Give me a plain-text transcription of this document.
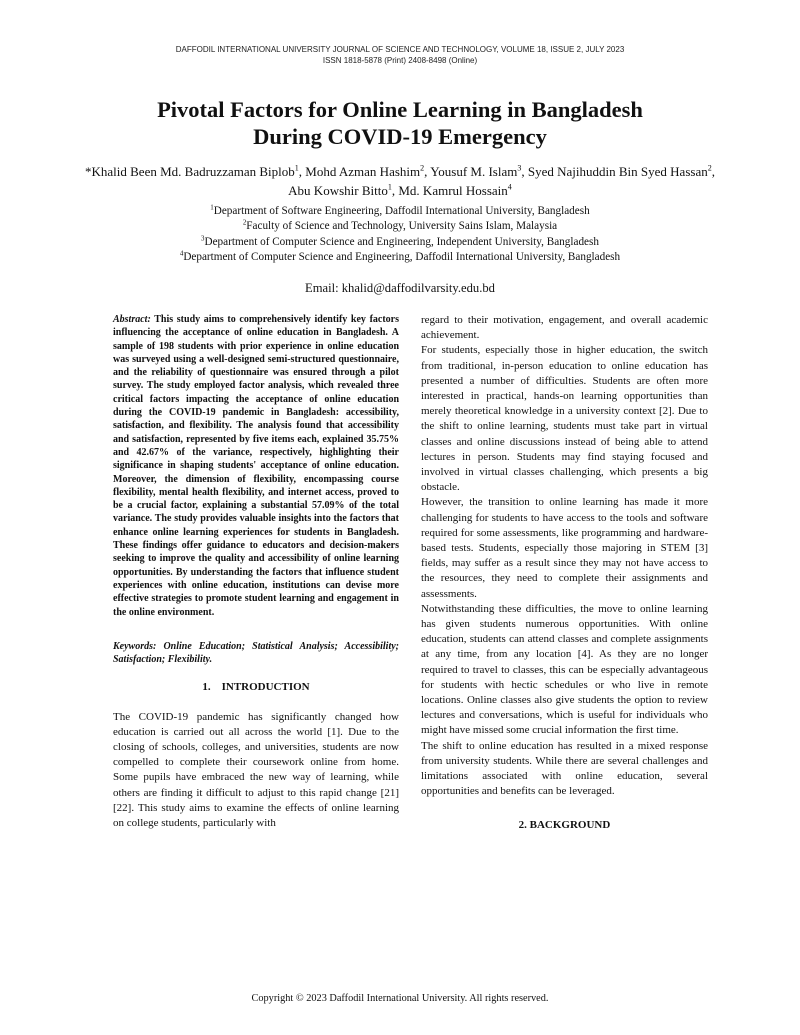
DAFFODIL INTERNATIONAL UNIVERSITY JOURNAL OF SCIENCE AND TECHNOLOGY, VOLUME 18, ISSUE 2, JULY 2023
ISSN 1818-5878 (Print) 2408-8498 (Online)
Pivotal Factors for Online Learning in Bangladesh
During COVID-19 Emergency
*Khalid Been Md. Badruzzaman Biplob$^1$, Mohd Azman Hashim$^2$, Yousuf M. Islam$^3$, Syed Najihuddin Bin Syed Hassan$^2$, Abu Kowshir Bitto$^1$, Md. Kamrul Hossain$^4$
$^1$Department of Software Engineering, Daffodil International University, Bangladesh
$^2$Faculty of Science and Technology, University Sains Islam, Malaysia
$^3$Department of Computer Science and Engineering, Independent University, Bangladesh
$^4$Department of Computer Science and Engineering, Daffodil International University, Bangladesh
Email: khalid@daffodilvarsity.edu.bd

Abstract: This study aims to comprehensively identify key factors influencing the acceptance of online education in Bangladesh. A sample of 198 students with prior experience in online education was surveyed using a well-designed semi-structured questionnaire, and the reliability of questionnaire was ensured through a pilot survey. The study employed factor analysis, which revealed three critical factors impacting the acceptance of online education during the COVID-19 pandemic in Bangladesh: accessibility, satisfaction, and flexibility. The analysis found that accessibility and satisfaction, represented by five items each, explained 35.75% and 42.67% of the variance, respectively, highlighting their significance in shaping students' acceptance of online education. Moreover, the dimension of flexibility, encompassing course flexibility, mental health flexibility, and internet access, proved to be a crucial factor, explaining a substantial 57.09% of the total variance. The study provides valuable insights into the factors that enhance online learning experiences for students in Bangladesh. These findings offer guidance to educators and decision-makers seeking to improve the quality and accessibility of online learning opportunities. By understanding the factors that influence student experiences with online education, institutions can devise more effective strategies to promote student learning and engagement in the online environment.

Keywords: Online Education; Statistical Analysis; Accessibility; Satisfaction; Flexibility.

1.    INTRODUCTION

The COVID-19 pandemic has significantly changed how education is carried out all across the world [1]. Due to the closing of schools, colleges, and universities, students are now compelled to complete their coursework online from home. Some pupils have embraced the new way of learning, while others are finding it difficult to adjust to this rapid change [21][22]. This study aims to examine the effects of online learning on college students, particularly with

regard to their motivation, engagement, and overall academic achievement.

For students, especially those in higher education, the switch from traditional, in-person education to online education has presented a number of difficulties. Students are often more interested in practical, hands-on learning opportunities than merely theoretical knowledge in a university context [2]. Due to the shift to online learning, students must take part in virtual classes and online discussions instead of being able to attend lectures in person. Students may find staying focused and involved in virtual classes challenging, which presents a big obstacle.

However, the transition to online learning has made it more challenging for students to have access to the tools and software required for some assessments, like programming and hardware-based tests. Students, especially those majoring in STEM [3] fields, may suffer as a result since they may not have access to the resources, they need to complete their assignments and assessments.

Notwithstanding these difficulties, the move to online learning has given students numerous opportunities. With online education, students can attend classes and complete assignments at any time, from any location [4]. As they are no longer required to travel to classes, this can be especially advantageous for students with hectic schedules or who live in remote locations. Online classes also give students the option to review lectures and conversations, which is useful for individuals who might have missed some crucial information the first time.

The shift to online education has resulted in a mixed response from university students. While there are several challenges and limitations associated with online education, several opportunities and benefits can be leveraged.

2. BACKGROUND

Copyright © 2023 Daffodil International University. All rights reserved.
